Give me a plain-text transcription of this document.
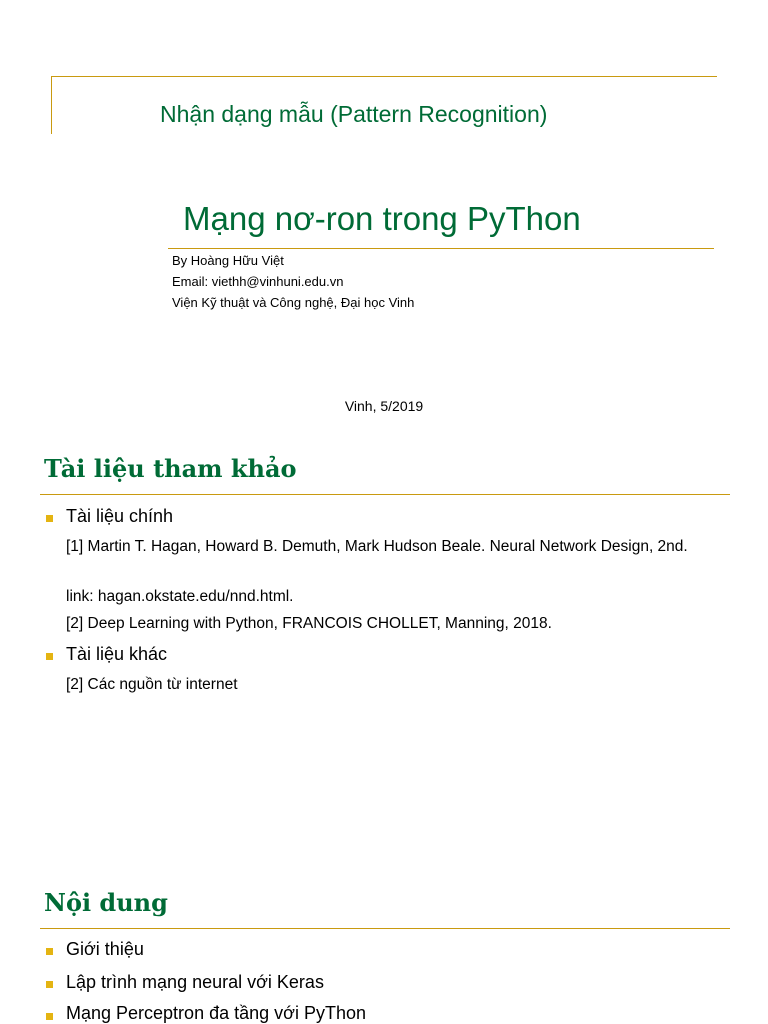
Nhận dạng mẫu (Pattern Recognition)
Mạng nơ-ron trong PyThon
By Hoàng Hữu Việt
Email: viethh@vinhuni.edu.vn
Viện Kỹ thuật và Công nghệ, Đại học Vinh
Vinh, 5/2019
Tài liệu tham khảo
Tài liệu chính
[1] Martin T. Hagan, Howard B. Demuth, Mark Hudson Beale. Neural Network Design, 2nd.
link: hagan.okstate.edu/nnd.html.
[2] Deep Learning with Python, FRANCOIS CHOLLET, Manning, 2018.
Tài liệu khác
[2] Các nguồn từ internet
Nội dung
Giới thiệu
Lập trình mạng neural với Keras
Mạng Perceptron đa tầng với PyThon
